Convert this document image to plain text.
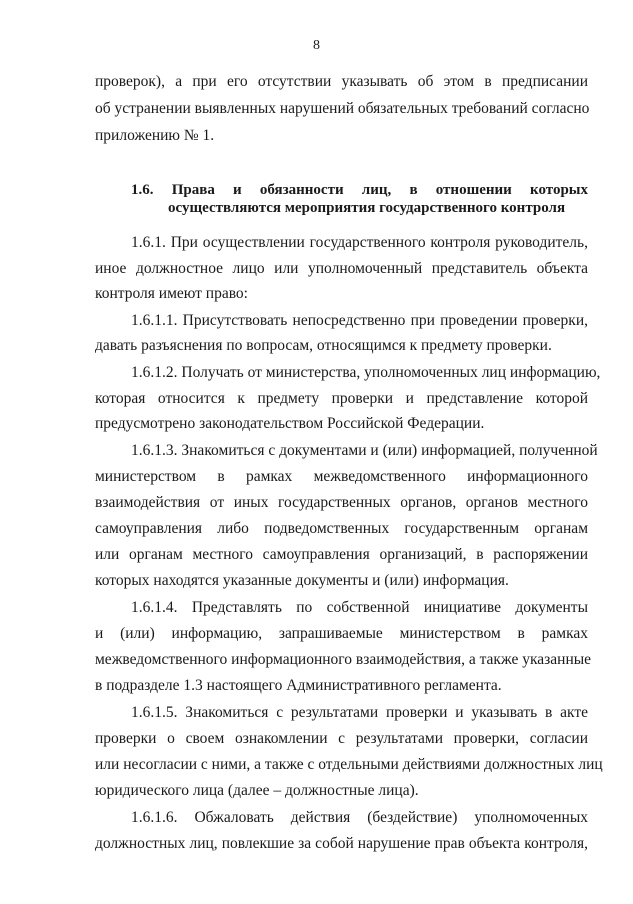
8
проверок), а при его отсутствии указывать об этом в предписании
об устранении выявленных нарушений обязательных требований согласно
приложению № 1.
1.6. Права и обязанности лиц, в отношении которых
осуществляются мероприятия государственного контроля
1.6.1. При осуществлении государственного контроля руководитель,
иное должностное лицо или уполномоченный представитель объекта
контроля имеют право:
1.6.1.1. Присутствовать непосредственно при проведении проверки,
давать разъяснения по вопросам, относящимся к предмету проверки.
1.6.1.2. Получать от министерства, уполномоченных лиц информацию,
которая относится к предмету проверки и представление которой
предусмотрено законодательством Российской Федерации.
1.6.1.3. Знакомиться с документами и (или) информацией, полученной
министерством в рамках межведомственного информационного
взаимодействия от иных государственных органов, органов местного
самоуправления либо подведомственных государственным органам
или органам местного самоуправления организаций, в распоряжении
которых находятся указанные документы и (или) информация.
1.6.1.4. Представлять по собственной инициативе документы
и (или) информацию, запрашиваемые министерством в рамках
межведомственного информационного взаимодействия, а также указанные
в подразделе 1.3 настоящего Административного регламента.
1.6.1.5. Знакомиться с результатами проверки и указывать в акте
проверки о своем ознакомлении с результатами проверки, согласии
или несогласии с ними, а также с отдельными действиями должностных лиц
юридического лица (далее – должностные лица).
1.6.1.6. Обжаловать действия (бездействие) уполномоченных
должностных лиц, повлекшие за собой нарушение прав объекта контроля,
